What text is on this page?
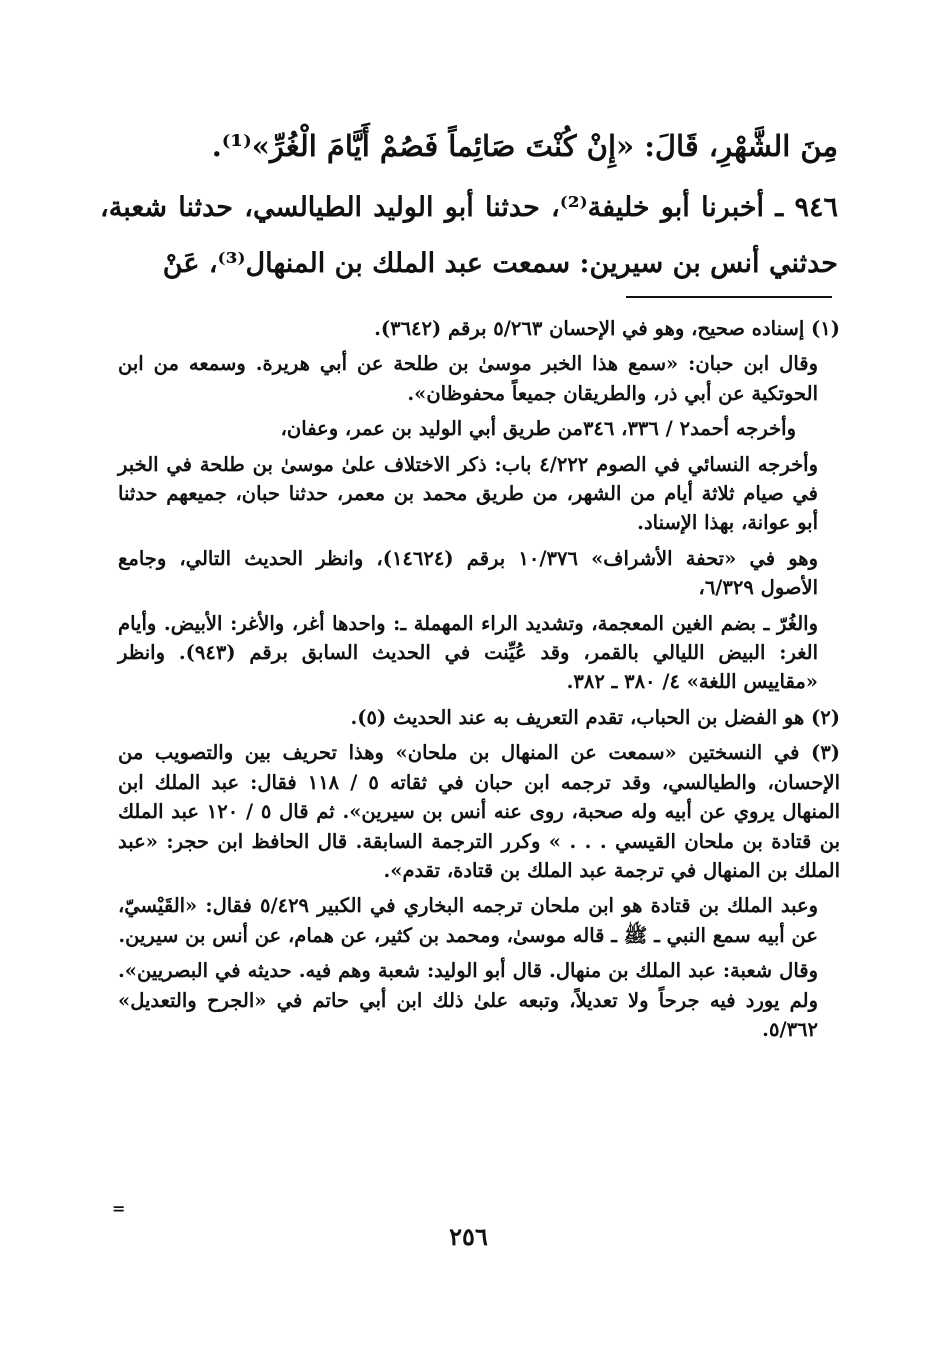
مِنَ الشَّهْرِ، قَالَ: «إِنْ كُنْتَ صَائِماً فَصُمْ أَيَّامَ الْغُرِّ»⁽¹⁾.
٩٤٦ ـ أخبرنا أبو خليفة⁽²⁾، حدثنا أبو الوليد الطيالسي، حدثنا شعبة، حدثني أنس بن سيرين: سمعت عبد الملك بن المنهال⁽³⁾، عَنْ

(١) إسناده صحيح، وهو في الإحسان ٥/٢٦٣ برقم (٣٦٤٢).

وقال ابن حبان: «سمع هذا الخبر موسىٰ بن طلحة عن أبي هريرة. وسمعه من ابن الحوتكية عن أبي ذر، والطريقان جميعاً محفوظان».

وأخرجه أحمد٢ / ٣٣٦، ٣٤٦من طريق أبي الوليد بن عمر، وعفان،

وأخرجه النسائي في الصوم ٤/٢٢٢ باب: ذكر الاختلاف علىٰ موسىٰ بن طلحة في الخبر في صيام ثلاثة أيام من الشهر، من طريق محمد بن معمر، حدثنا حبان، جميعهم حدثنا أبو عوانة، بهذا الإسناد.

وهو في «تحفة الأشراف» ١٠/٣٧٦ برقم (١٤٦٢٤)، وانظر الحديث التالي، وجامع الأصول ٦/٣٢٩،

والغُرّ ـ بضم الغين المعجمة، وتشديد الراء المهملة ـ: واحدها أغر، والأغر: الأبيض. وأيام الغر: البيض الليالي بالقمر، وقد عُيِّنت في الحديث السابق برقم (٩٤٣). وانظر «مقاييس اللغة» ٤/ ٣٨٠ ـ ٣٨٢.

(٢) هو الفضل بن الحباب، تقدم التعريف به عند الحديث (٥).

(٣) في النسختين «سمعت عن المنهال بن ملحان» وهذا تحريف بين والتصويب من الإحسان، والطيالسي، وقد ترجمه ابن حبان في ثقاته ٥ / ١١٨ فقال: عبد الملك ابن المنهال يروي عن أبيه وله صحبة، روى عنه أنس بن سيرين». ثم قال ٥ / ١٢٠ عبد الملك بن قتادة بن ملحان القيسي . . . » وكرر الترجمة السابقة. قال الحافظ ابن حجر: «عبد الملك بن المنهال في ترجمة عبد الملك بن قتادة، تقدم».

وعبد الملك بن قتادة هو ابن ملحان ترجمه البخاري في الكبير ٥/٤٢٩ فقال: «القَيْسيّ، عن أبيه سمع النبي ـ ﷺ ـ قاله موسىٰ، ومحمد بن كثير، عن همام، عن أنس بن سيرين.

وقال شعبة: عبد الملك بن منهال. قال أبو الوليد: شعبة وهم فيه. حديثه في البصريين». ولم يورد فيه جرحاً ولا تعديلاً، وتبعه علىٰ ذلك ابن أبي حاتم في «الجرح والتعديل» ٥/٣٦٢.

=
٢٥٦
